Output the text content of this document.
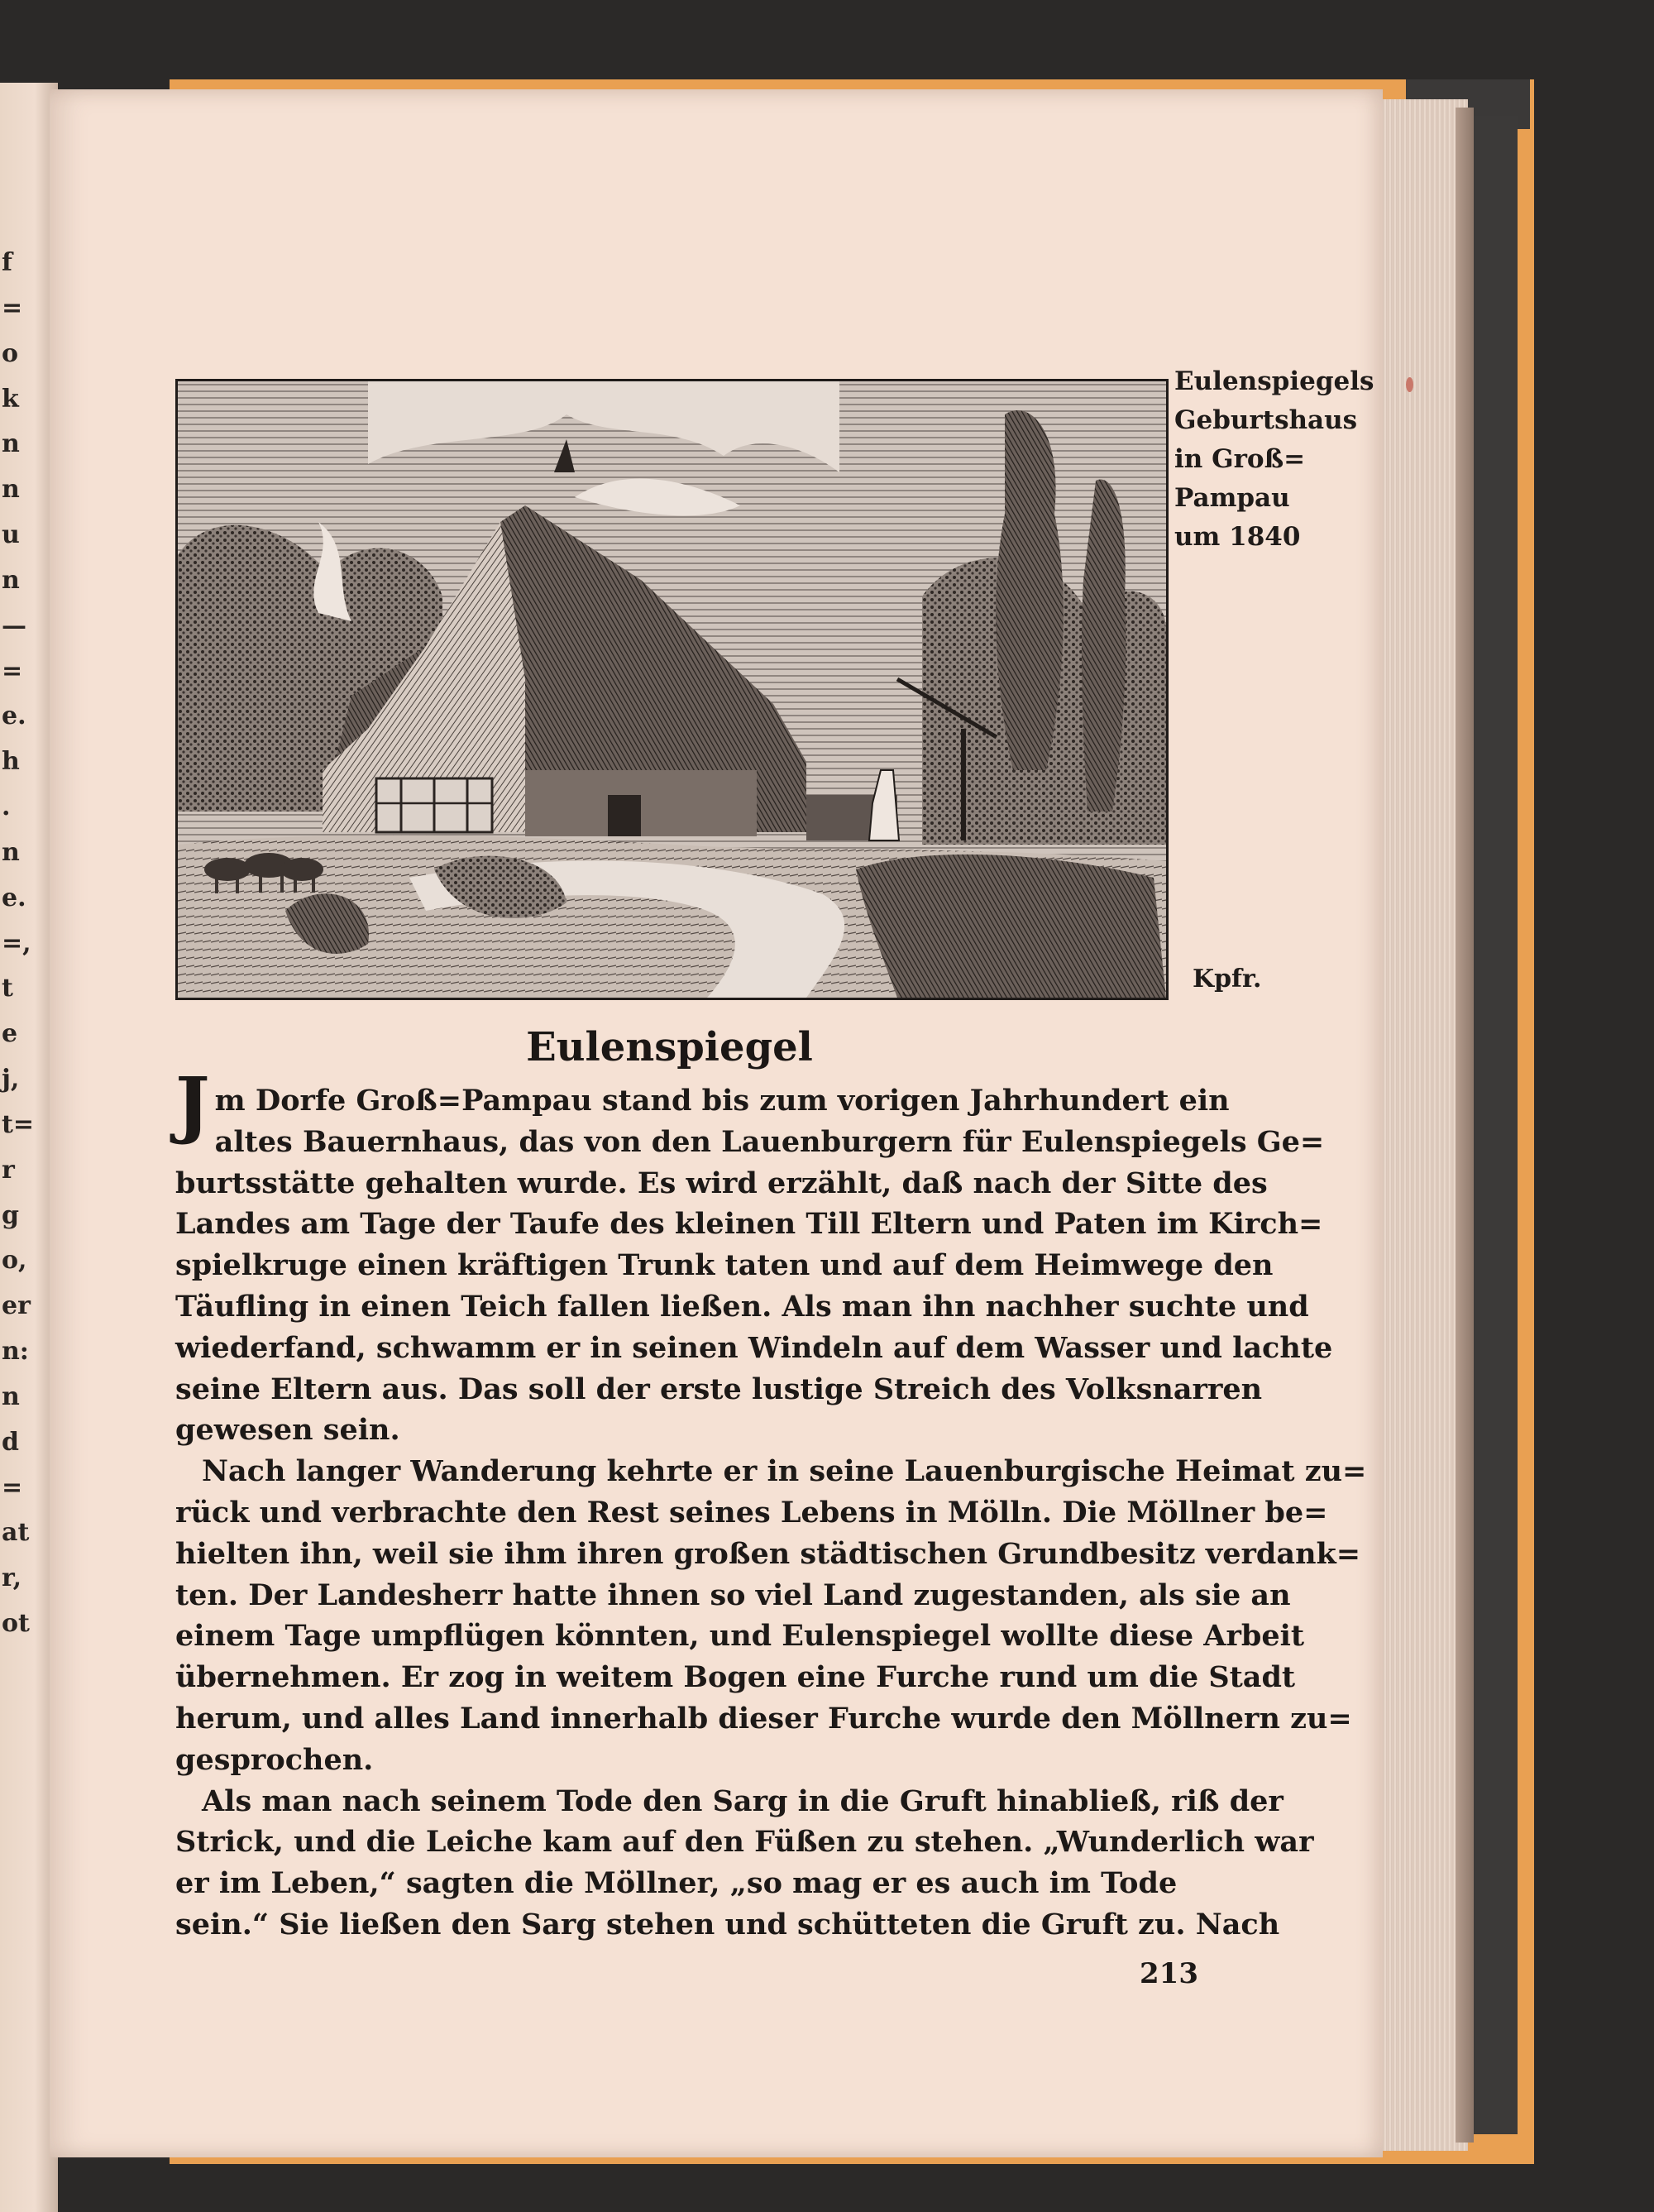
f
=
o
k
n
n
u
n
—
=
e.
h
.
n
e.
=,
t
e
j,
t=
r
g
o,
er
n:
n
d
=
at
r,
ot
Eulenspiegels
Geburtshaus
in Groß=
Pampau
um 1840
Kpfr.
Eulenspiegel
Jm Dorfe Groß=Pampau stand bis zum vorigen Jahrhundert ein
altes Bauernhaus, das von den Lauenburgern für Eulenspiegels Ge=
burtsstätte gehalten wurde. Es wird erzählt, daß nach der Sitte des
Landes am Tage der Taufe des kleinen Till Eltern und Paten im Kirch=
spielkruge einen kräftigen Trunk taten und auf dem Heimwege den
Täufling in einen Teich fallen ließen. Als man ihn nachher suchte und
wiederfand, schwamm er in seinen Windeln auf dem Wasser und lachte
seine Eltern aus. Das soll der erste lustige Streich des Volksnarren
gewesen sein.
Nach langer Wanderung kehrte er in seine Lauenburgische Heimat zu=
rück und verbrachte den Rest seines Lebens in Mölln. Die Möllner be=
hielten ihn, weil sie ihm ihren großen städtischen Grundbesitz verdank=
ten. Der Landesherr hatte ihnen so viel Land zugestanden, als sie an
einem Tage umpflügen könnten, und Eulenspiegel wollte diese Arbeit
übernehmen. Er zog in weitem Bogen eine Furche rund um die Stadt
herum, und alles Land innerhalb dieser Furche wurde den Möllnern zu=
gesprochen.
Als man nach seinem Tode den Sarg in die Gruft hinabließ, riß der
Strick, und die Leiche kam auf den Füßen zu stehen. „Wunderlich war
er im Leben,“ sagten die Möllner, „so mag er es auch im Tode
sein.“ Sie ließen den Sarg stehen und schütteten die Gruft zu. Nach
213
